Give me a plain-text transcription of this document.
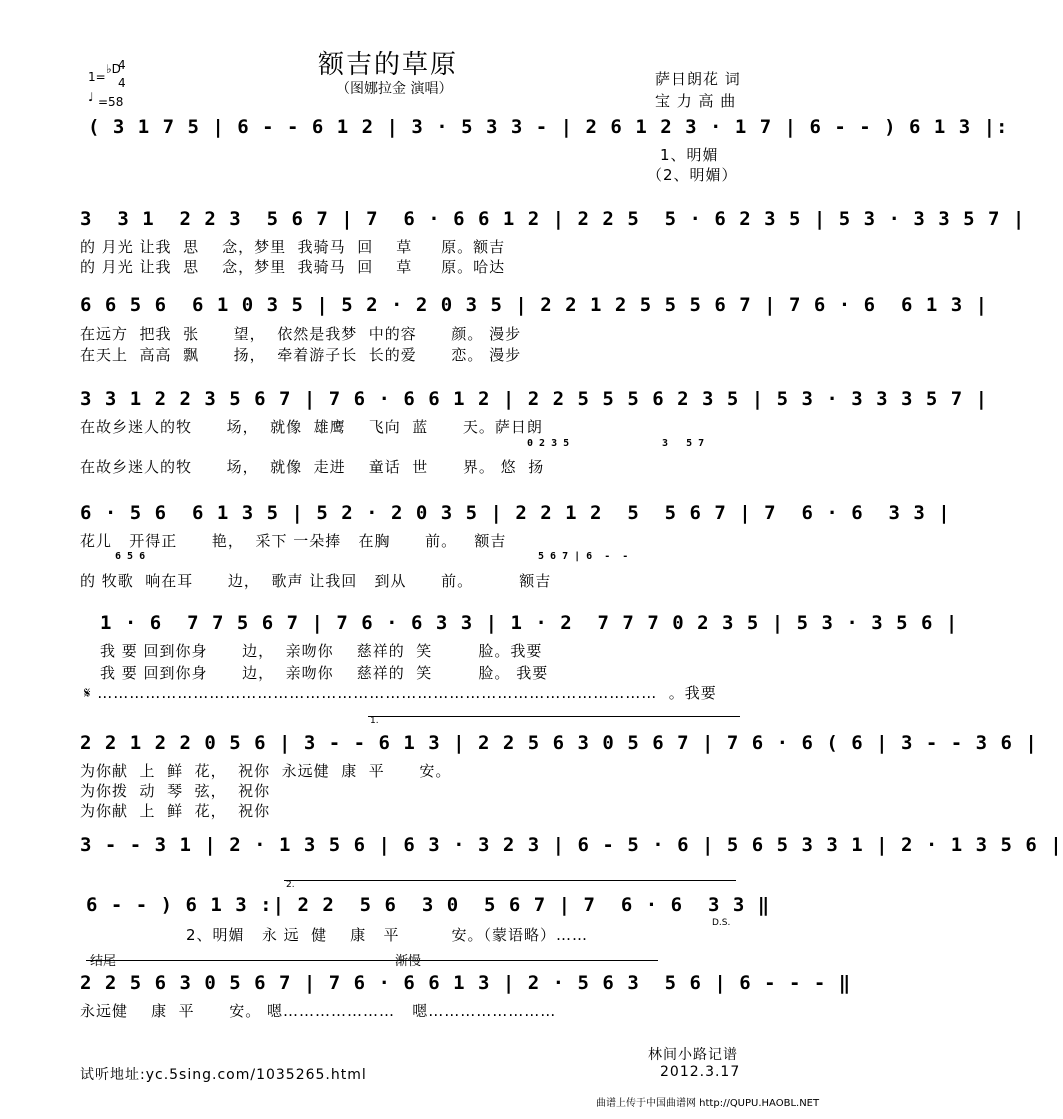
额吉的草原
（图娜拉金 演唱）
1=
♭D
4
4
♩ =58
萨日朗花 词
宝 力 高 曲
( 3 1 7 5 | 6 - - 6 1 2 | 3 · 5 3 3 - | 2 6 1 2 3 · 1 7 | 6 - - ) 6 1 3 |:
1、明媚
（2、明媚）
3  3 1  2 2 3  5 6 7 | 7  6 · 6 6 1 2 | 2 2 5  5 · 6 2 3 5 | 5 3 · 3 3 5 7 |
的 月光 让我  思    念，梦里  我骑马  回    草     原。额吉
的 月光 让我  思    念，梦里  我骑马  回    草     原。哈达
6 6 5 6  6 1 0 3 5 | 5 2 · 2 0 3 5 | 2 2 1 2 5 5 5 6 7 | 7 6 · 6  6 1 3 |
在远方  把我  张      望，  依然是我梦  中的容      颜。 漫步
在天上  高高  飘      扬，  牵着游子长  长的爱      恋。 漫步
3 3 1 2 2 3 5 6 7 | 7 6 · 6 6 1 2 | 2 2 5 5 5 6 2 3 5 | 5 3 · 3 3 3 5 7 |
在故乡迷人的牧      场，  就像  雄鹰    飞向  蓝      天。萨日朗
0 2 3 5	3   5 7
在故乡迷人的牧      场，  就像  走进    童话  世      界。 悠  扬
6 · 5 6  6 1 3 5 | 5 2 · 2 0 3 5 | 2 2 1 2  5  5 6 7 | 7  6 · 6  3 3 |
花儿   开得正      艳，  采下 一朵捧   在胸      前。   额吉
6 5 6	5 6 7 | 6  -  -
的 牧歌  响在耳      边，  歌声 让我回   到从      前。        额吉
1 · 6  7 7 5 6 7 | 7 6 · 6 3 3 | 1 · 2  7 7 7 0 2 3 5 | 5 3 · 3 5 6 |
我 要 回到你身      边，  亲吻你    慈祥的  笑        脸。我要
我 要 回到你身      边，  亲吻你    慈祥的  笑        脸。 我要
𝄋 ……………………………………………………………………………………………  。我要
1.
2 2 1 2 2 0 5 6 | 3 - - 6 1 3 | 2 2 5 6 3 0 5 6 7 | 7 6 · 6 ( 6 | 3 - - 3 6 |
为你献  上  鲜  花，  祝你  永远健  康  平      安。
为你拨  动  琴  弦，  祝你
为你献  上  鲜  花，  祝你
3 - - 3 1 | 2 · 1 3 5 6 | 6 3 · 3 2 3 | 6 - 5 · 6 | 5 6 5 3 3 1 | 2 · 1 3 5 6 |
2.
6 - - ) 6 1 3 :| 2 2  5 6  3 0  5 6 7 | 7  6 · 6  3 3 ‖
2、明媚   永 远  健    康   平         安。（蒙语略）……
D.S.
结尾	渐慢
2 2 5 6 3 0 5 6 7 | 7 6 · 6 6 1 3 | 2 · 5 6 3  5 6 | 6 - - - ‖
永远健    康  平      安。 嗯…………………   嗯……………………
林间小路记谱
试听地址:yc.5sing.com/1035265.html	2012.3.17
曲谱上传于中国曲谱网 http://QUPU.HAOBL.NET
